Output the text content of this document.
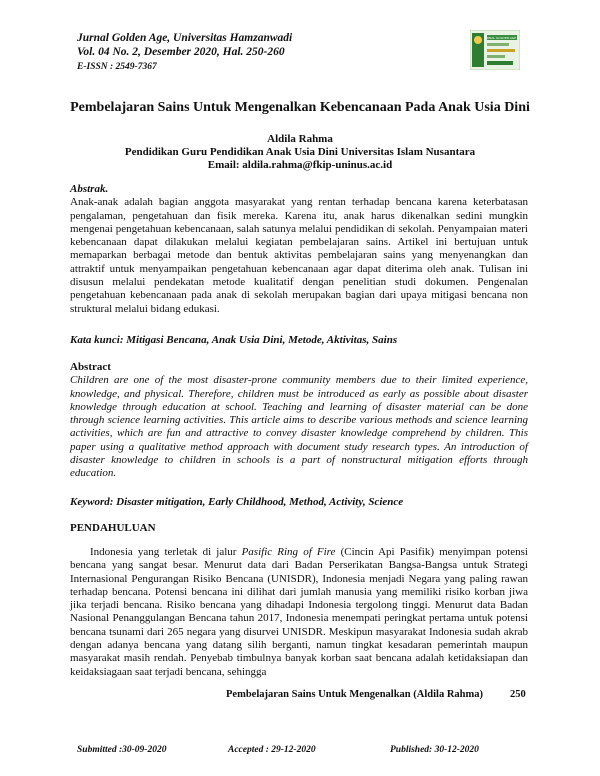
Jurnal Golden Age, Universitas Hamzanwadi
Vol. 04 No. 2, Desember 2020, Hal. 250-260
E-ISSN : 2549-7367
JURNAL GOLDEN AGE
Pembelajaran Sains Untuk Mengenalkan Kebencanaan Pada Anak Usia Dini
Aldila Rahma
Pendidikan Guru Pendidikan Anak Usia Dini Universitas Islam Nusantara
Email: aldila.rahma@fkip-uninus.ac.id

Abstrak.

Anak-anak adalah bagian anggota masyarakat yang rentan terhadap bencana karena keterbatasan pengalaman, pengetahuan dan fisik mereka. Karena itu, anak harus dikenalkan sedini mungkin mengenai pengetahuan kebencanaan, salah satunya melalui pendidikan di sekolah. Penyampaian materi kebencanaan dapat dilakukan melalui kegiatan pembelajaran sains. Artikel ini bertujuan untuk memaparkan berbagai metode dan bentuk aktivitas pembelajaran sains yang menyenangkan dan attraktif untuk menyampaikan pengetahuan kebencanaan agar dapat diterima oleh anak. Tulisan ini disusun melalui pendekatan metode kualitatif dengan penelitian studi dokumen. Pengenalan pengetahuan kebencanaan pada anak di sekolah merupakan bagian dari upaya mitigasi bencana non struktural melalui bidang edukasi.

Kata kunci: Mitigasi Bencana, Anak Usia Dini, Metode, Aktivitas, Sains

Abstract

Children are one of the most disaster-prone community members due to their limited experience, knowledge, and physical. Therefore, children must be introduced as early as possible about disaster knowledge through education at school. Teaching and learning of disaster material can be done through science learning activities. This article aims to describe various methods and science learning activities, which are fun and attractive to convey disaster knowledge comprehend by children. This paper using a qualitative method approach with document study research types. An introduction of disaster knowledge to children in schools is a part of nonstructural mitigation efforts through education.

Keyword: Disaster mitigation, Early Childhood, Method, Activity, Science
PENDAHULUAN
Indonesia yang terletak di jalur Pasific Ring of Fire (Cincin Api Pasifik) menyimpan potensi bencana yang sangat besar. Menurut data dari Badan Perserikatan Bangsa-Bangsa untuk Strategi Internasional Pengurangan Risiko Bencana (UNISDR), Indonesia menjadi Negara yang paling rawan terhadap bencana. Potensi bencana ini dilihat dari jumlah manusia yang memiliki risiko korban jiwa jika terjadi bencana. Risiko bencana yang dihadapi Indonesia tergolong tinggi. Menurut data Badan Nasional Penanggulangan Bencana tahun 2017, Indonesia menempati peringkat pertama untuk potensi bencana tsunami dari 265 negara yang disurvei UNISDR. Meskipun masyarakat Indonesia sudah akrab dengan adanya bencana yang datang silih berganti, namun tingkat kesadaran pemerintah maupun masyarakat masih rendah. Penyebab timbulnya banyak korban saat bencana adalah ketidaksiapan dan keidaksiagaan saat terjadi bencana, sehingga
Pembelajaran Sains Untuk Mengenalkan (Aldila Rahma)	250
Submitted :30-09-2020	Accepted : 29-12-2020	Published: 30-12-2020
